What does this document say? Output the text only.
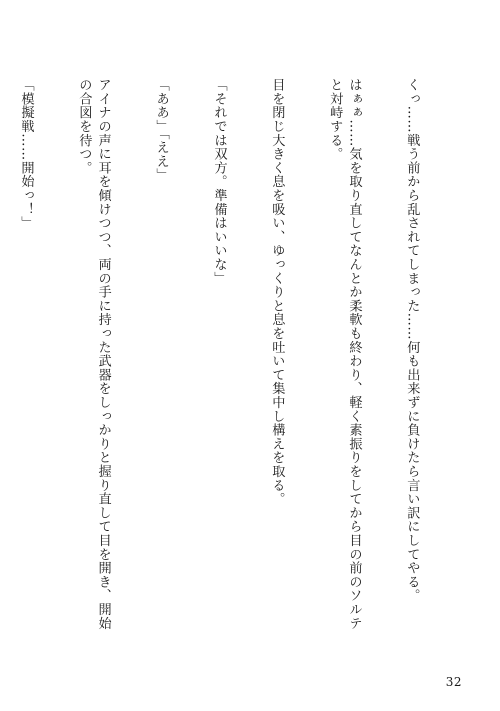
くっ……戦う前から乱されてしまった……何も出来ずに負けたら言い訳にしてやる。

はぁぁ……気を取り直してなんとか柔軟も終わり、軽く素振りをしてから目の前のソルテと対峙する。

目を閉じ大きく息を吸い、ゆっくりと息を吐いて集中し構えを取る。

「それでは双方。準備はいいな」

「ああ」「ええ」

アイナの声に耳を傾けつつ、両の手に持った武器をしっかりと握り直して目を開き、開始の合図を待つ。

「模擬戦……開始っ！」

32
